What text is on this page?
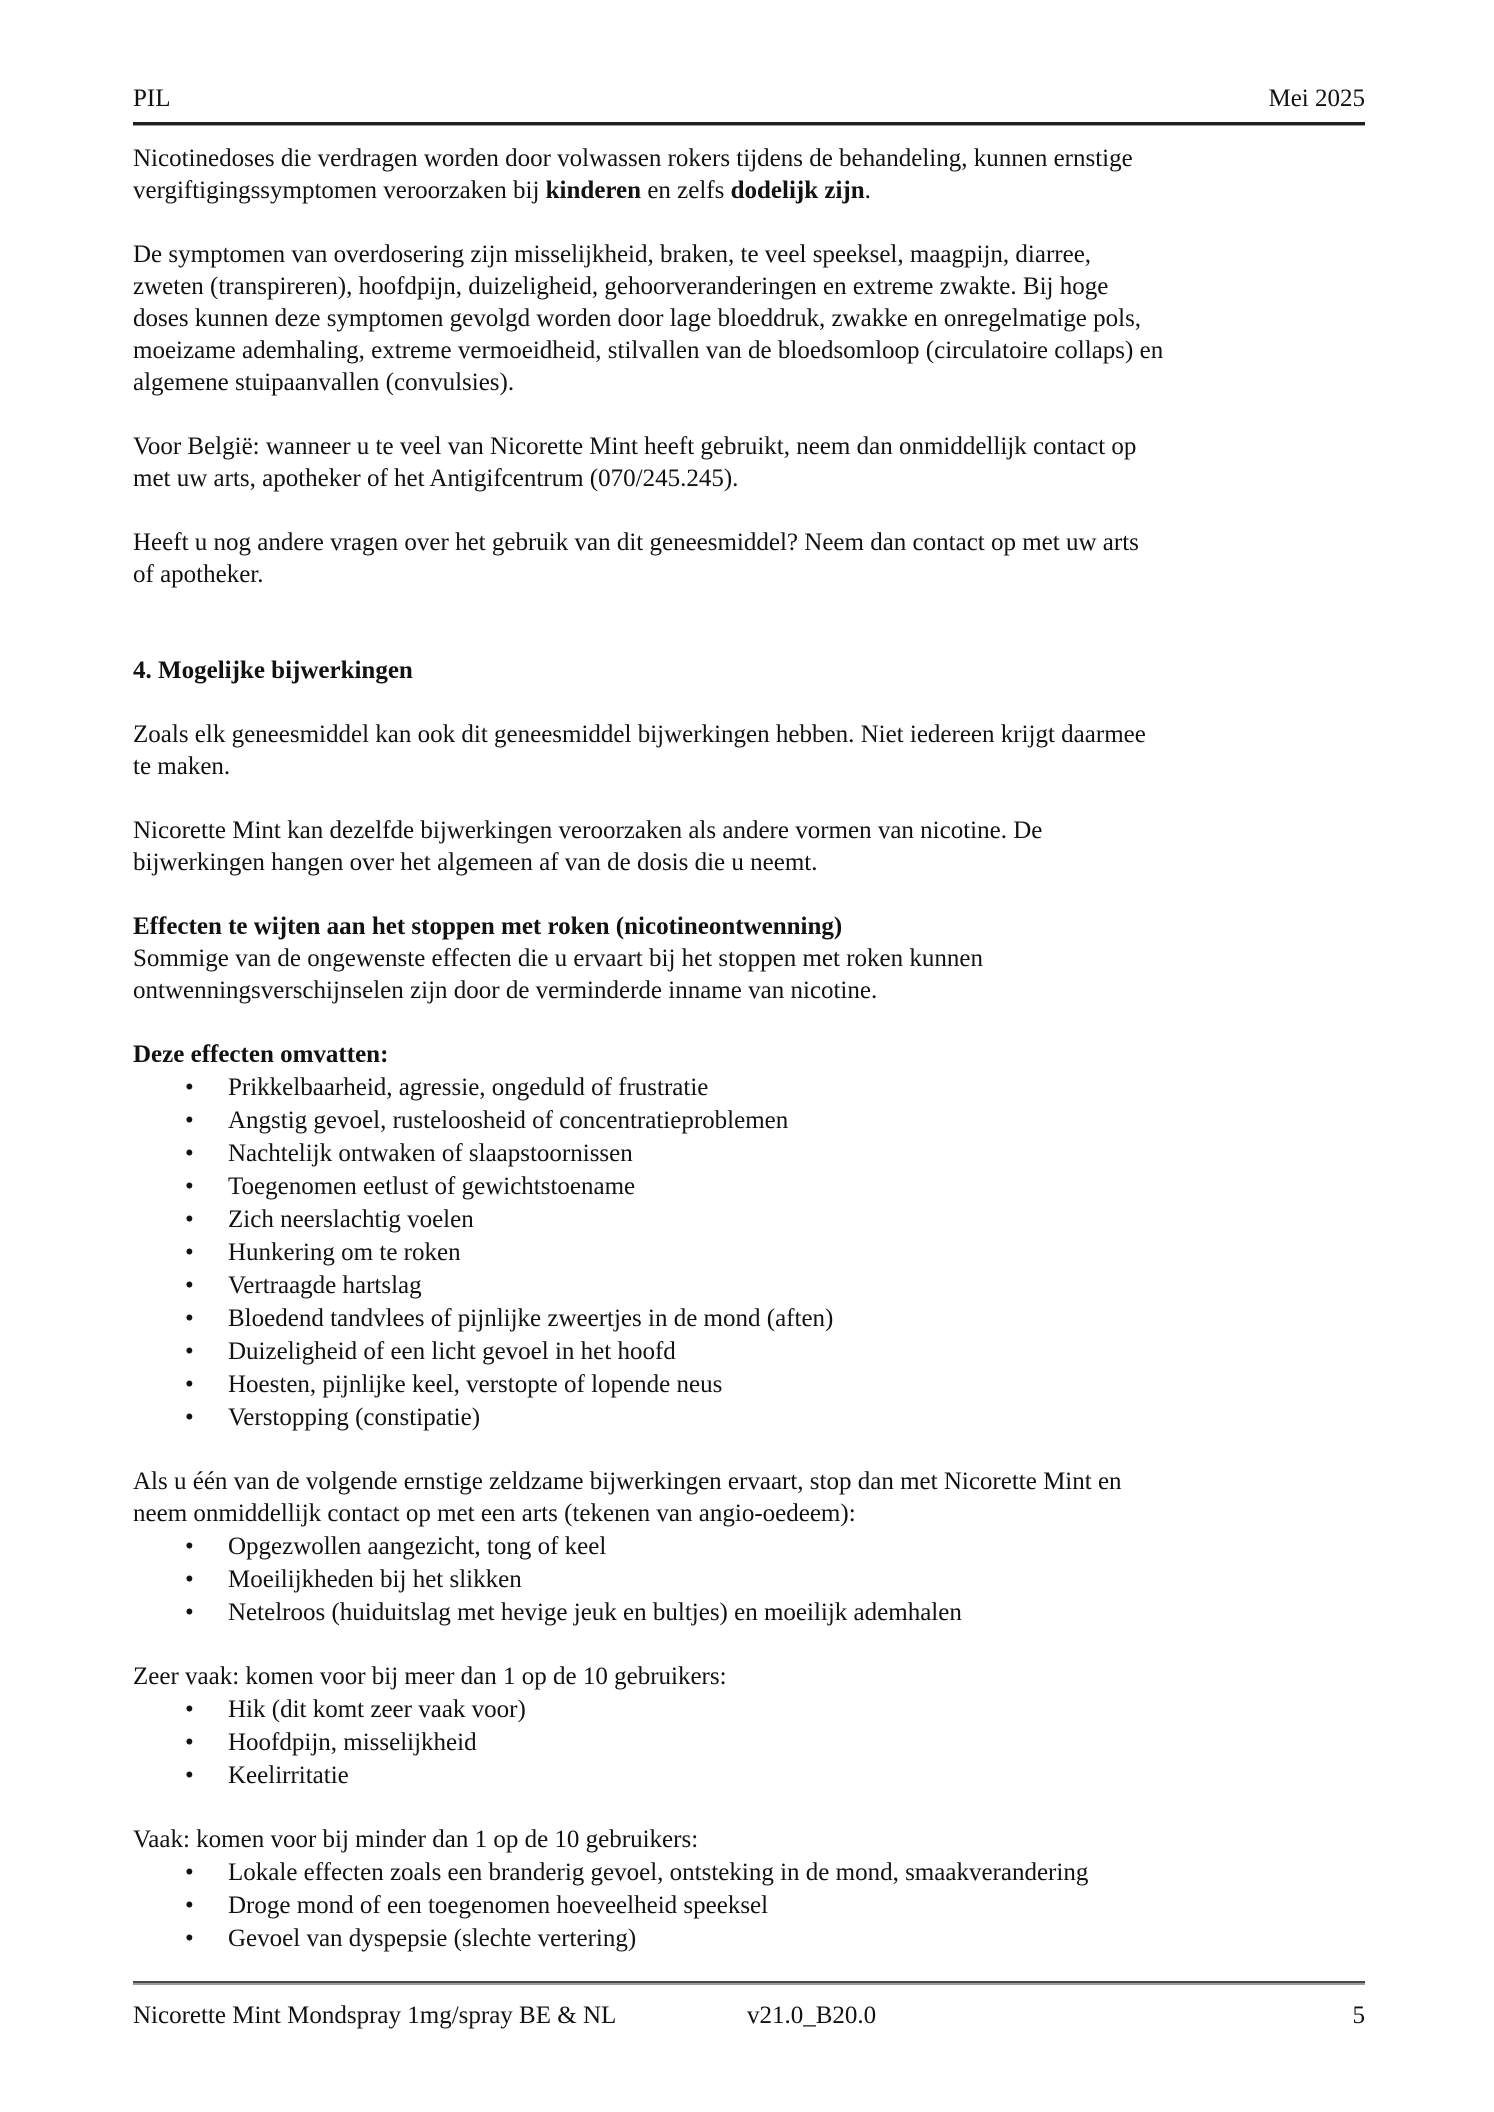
PIL	Mei 2025
Nicotinedoses die verdragen worden door volwassen rokers tijdens de behandeling, kunnen ernstige
vergiftigingssymptomen veroorzaken bij kinderen en zelfs dodelijk zijn.
De symptomen van overdosering zijn misselijkheid, braken, te veel speeksel, maagpijn, diarree,
zweten (transpireren), hoofdpijn, duizeligheid, gehoorveranderingen en extreme zwakte. Bij hoge
doses kunnen deze symptomen gevolgd worden door lage bloeddruk, zwakke en onregelmatige pols,
moeizame ademhaling, extreme vermoeidheid, stilvallen van de bloedsomloop (circulatoire collaps) en
algemene stuipaanvallen (convulsies).
Voor België: wanneer u te veel van Nicorette Mint heeft gebruikt, neem dan onmiddellijk contact op
met uw arts, apotheker of het Antigifcentrum (070/245.245).
Heeft u nog andere vragen over het gebruik van dit geneesmiddel? Neem dan contact op met uw arts
of apotheker.
4. Mogelijke bijwerkingen
Zoals elk geneesmiddel kan ook dit geneesmiddel bijwerkingen hebben. Niet iedereen krijgt daarmee
te maken.
Nicorette Mint kan dezelfde bijwerkingen veroorzaken als andere vormen van nicotine. De
bijwerkingen hangen over het algemeen af van de dosis die u neemt.
Effecten te wijten aan het stoppen met roken (nicotineontwenning)
Sommige van de ongewenste effecten die u ervaart bij het stoppen met roken kunnen
ontwenningsverschijnselen zijn door de verminderde inname van nicotine.
Deze effecten omvatten:
• Prikkelbaarheid, agressie, ongeduld of frustratie
• Angstig gevoel, rusteloosheid of concentratieproblemen
• Nachtelijk ontwaken of slaapstoornissen
• Toegenomen eetlust of gewichtstoename
• Zich neerslachtig voelen
• Hunkering om te roken
• Vertraagde hartslag
• Bloedend tandvlees of pijnlijke zweertjes in de mond (aften)
• Duizeligheid of een licht gevoel in het hoofd
• Hoesten, pijnlijke keel, verstopte of lopende neus
• Verstopping (constipatie)
Als u één van de volgende ernstige zeldzame bijwerkingen ervaart, stop dan met Nicorette Mint en
neem onmiddellijk contact op met een arts (tekenen van angio-oedeem):
• Opgezwollen aangezicht, tong of keel
• Moeilijkheden bij het slikken
• Netelroos (huiduitslag met hevige jeuk en bultjes) en moeilijk ademhalen
Zeer vaak: komen voor bij meer dan 1 op de 10 gebruikers:
• Hik (dit komt zeer vaak voor)
• Hoofdpijn, misselijkheid
• Keelirritatie
Vaak: komen voor bij minder dan 1 op de 10 gebruikers:
• Lokale effecten zoals een branderig gevoel, ontsteking in de mond, smaakverandering
• Droge mond of een toegenomen hoeveelheid speeksel
• Gevoel van dyspepsie (slechte vertering)
Nicorette Mint Mondspray 1mg/spray BE & NL	v21.0_B20.0	5
